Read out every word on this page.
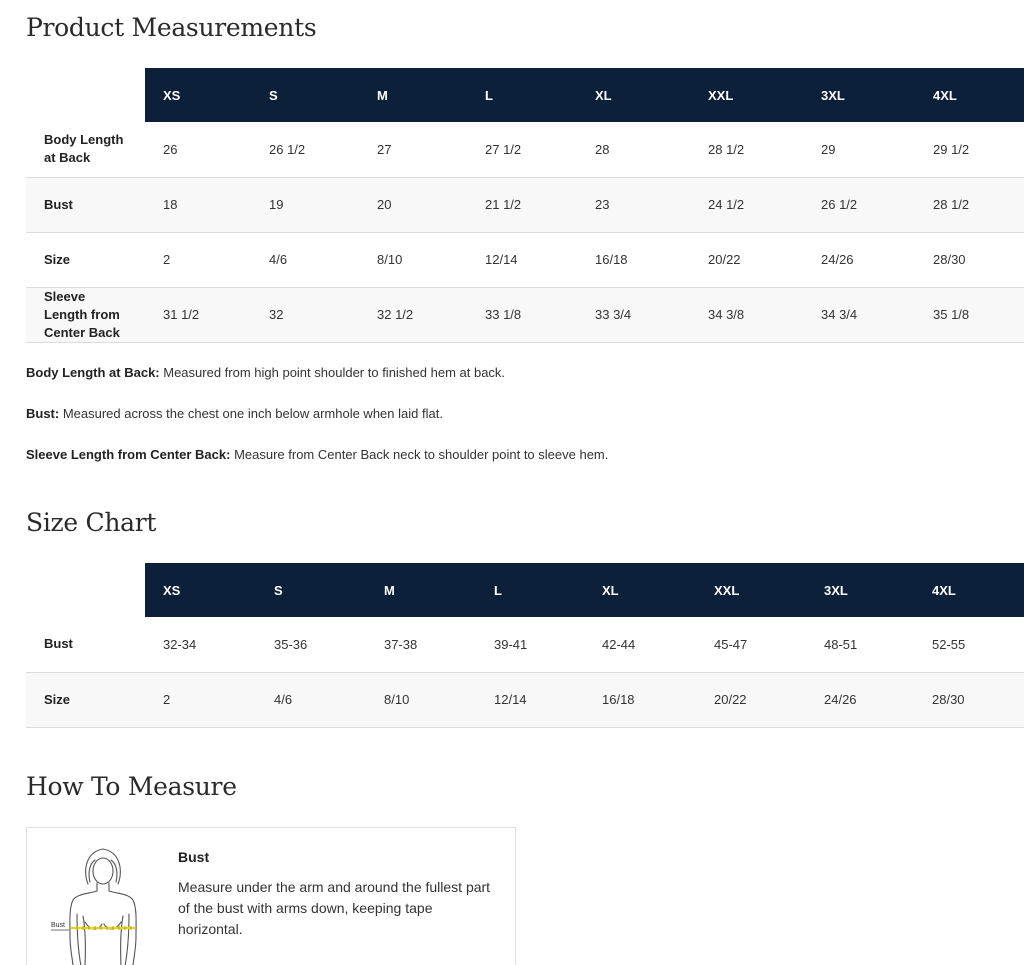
Product Measurements
	XS	S	M	L	XL	XXL	3XL	4XL
Body Length at Back	26	26 1/2	27	27 1/2	28	28 1/2	29	29 1/2
Bust	18	19	20	21 1/2	23	24 1/2	26 1/2	28 1/2
Size	2	4/6	8/10	12/14	16/18	20/22	24/26	28/30
Sleeve Length from Center Back	31 1/2	32	32 1/2	33 1/8	33 3/4	34 3/8	34 3/4	35 1/8

Body Length at Back: Measured from high point shoulder to finished hem at back.

Bust: Measured across the chest one inch below armhole when laid flat.

Sleeve Length from Center Back: Measure from Center Back neck to shoulder point to sleeve hem.

Size Chart
	XS	S	M	L	XL	XXL	3XL	4XL
Bust	32-34	35-36	37-38	39-41	42-44	45-47	48-51	52-55
Size	2	4/6	8/10	12/14	16/18	20/22	24/26	28/30
How To Measure
Bust
Bust
Measure under the arm and around the fullest part of the bust with arms down, keeping tape horizontal.
